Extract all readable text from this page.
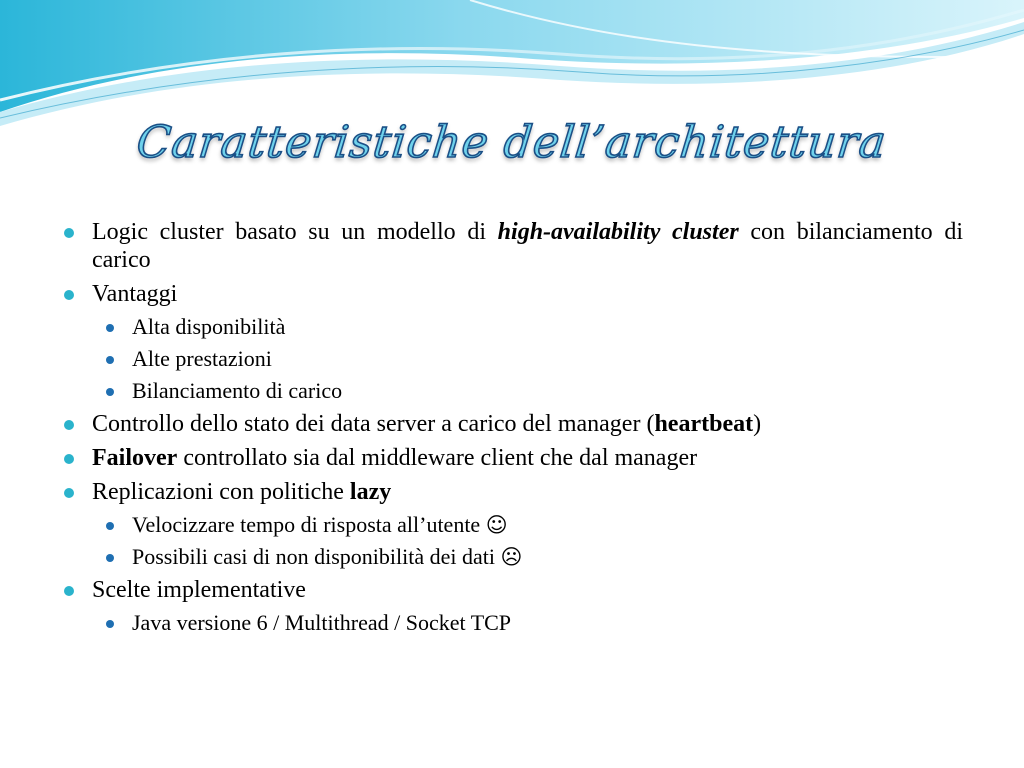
Caratteristiche dell’architettura
Logic cluster basato su un modello di high-availability cluster con bilanciamento di carico
Vantaggi
Alta disponibilità
Alte prestazioni
Bilanciamento di carico
Controllo dello stato dei data server a carico del manager (heartbeat)
Failover controllato sia dal middleware client che dal manager
Replicazioni con politiche lazy
Velocizzare tempo di risposta all’utente ☺
Possibili casi di non disponibilità dei dati ☹
Scelte implementative
Java versione 6 / Multithread / Socket TCP
